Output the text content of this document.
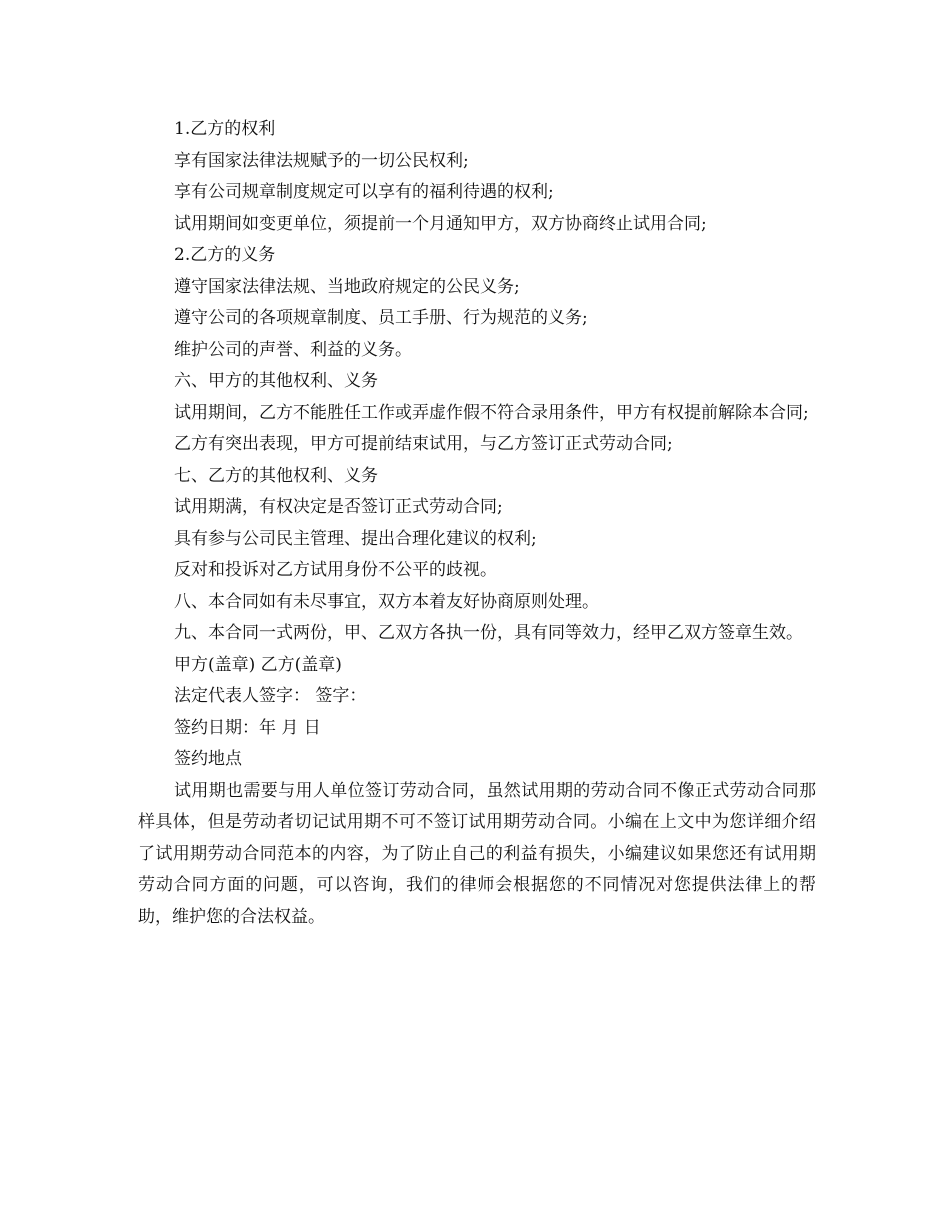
1.乙方的权利

享有国家法律法规赋予的一切公民权利;

享有公司规章制度规定可以享有的福利待遇的权利;

试用期间如变更单位，须提前一个月通知甲方，双方协商终止试用合同;

2.乙方的义务

遵守国家法律法规、当地政府规定的公民义务;

遵守公司的各项规章制度、员工手册、行为规范的义务;

维护公司的声誉、利益的义务。

六、甲方的其他权利、义务

试用期间，乙方不能胜任工作或弄虚作假不符合录用条件，甲方有权提前解除本合同;

乙方有突出表现，甲方可提前结束试用，与乙方签订正式劳动合同;

七、乙方的其他权利、义务

试用期满，有权决定是否签订正式劳动合同;

具有参与公司民主管理、提出合理化建议的权利;

反对和投诉对乙方试用身份不公平的歧视。

八、本合同如有未尽事宜，双方本着友好协商原则处理。

九、本合同一式两份，甲、乙双方各执一份，具有同等效力，经甲乙双方签章生效。

甲方(盖章) 乙方(盖章)

法定代表人签字： 签字：

签约日期：年 月 日

签约地点

试用期也需要与用人单位签订劳动合同，虽然试用期的劳动合同不像正式劳动合同那样具体，但是劳动者切记试用期不可不签订试用期劳动合同。小编在上文中为您详细介绍了试用期劳动合同范本的内容，为了防止自己的利益有损失，小编建议如果您还有试用期劳动合同方面的问题，可以咨询，我们的律师会根据您的不同情况对您提供法律上的帮助，维护您的合法权益。
